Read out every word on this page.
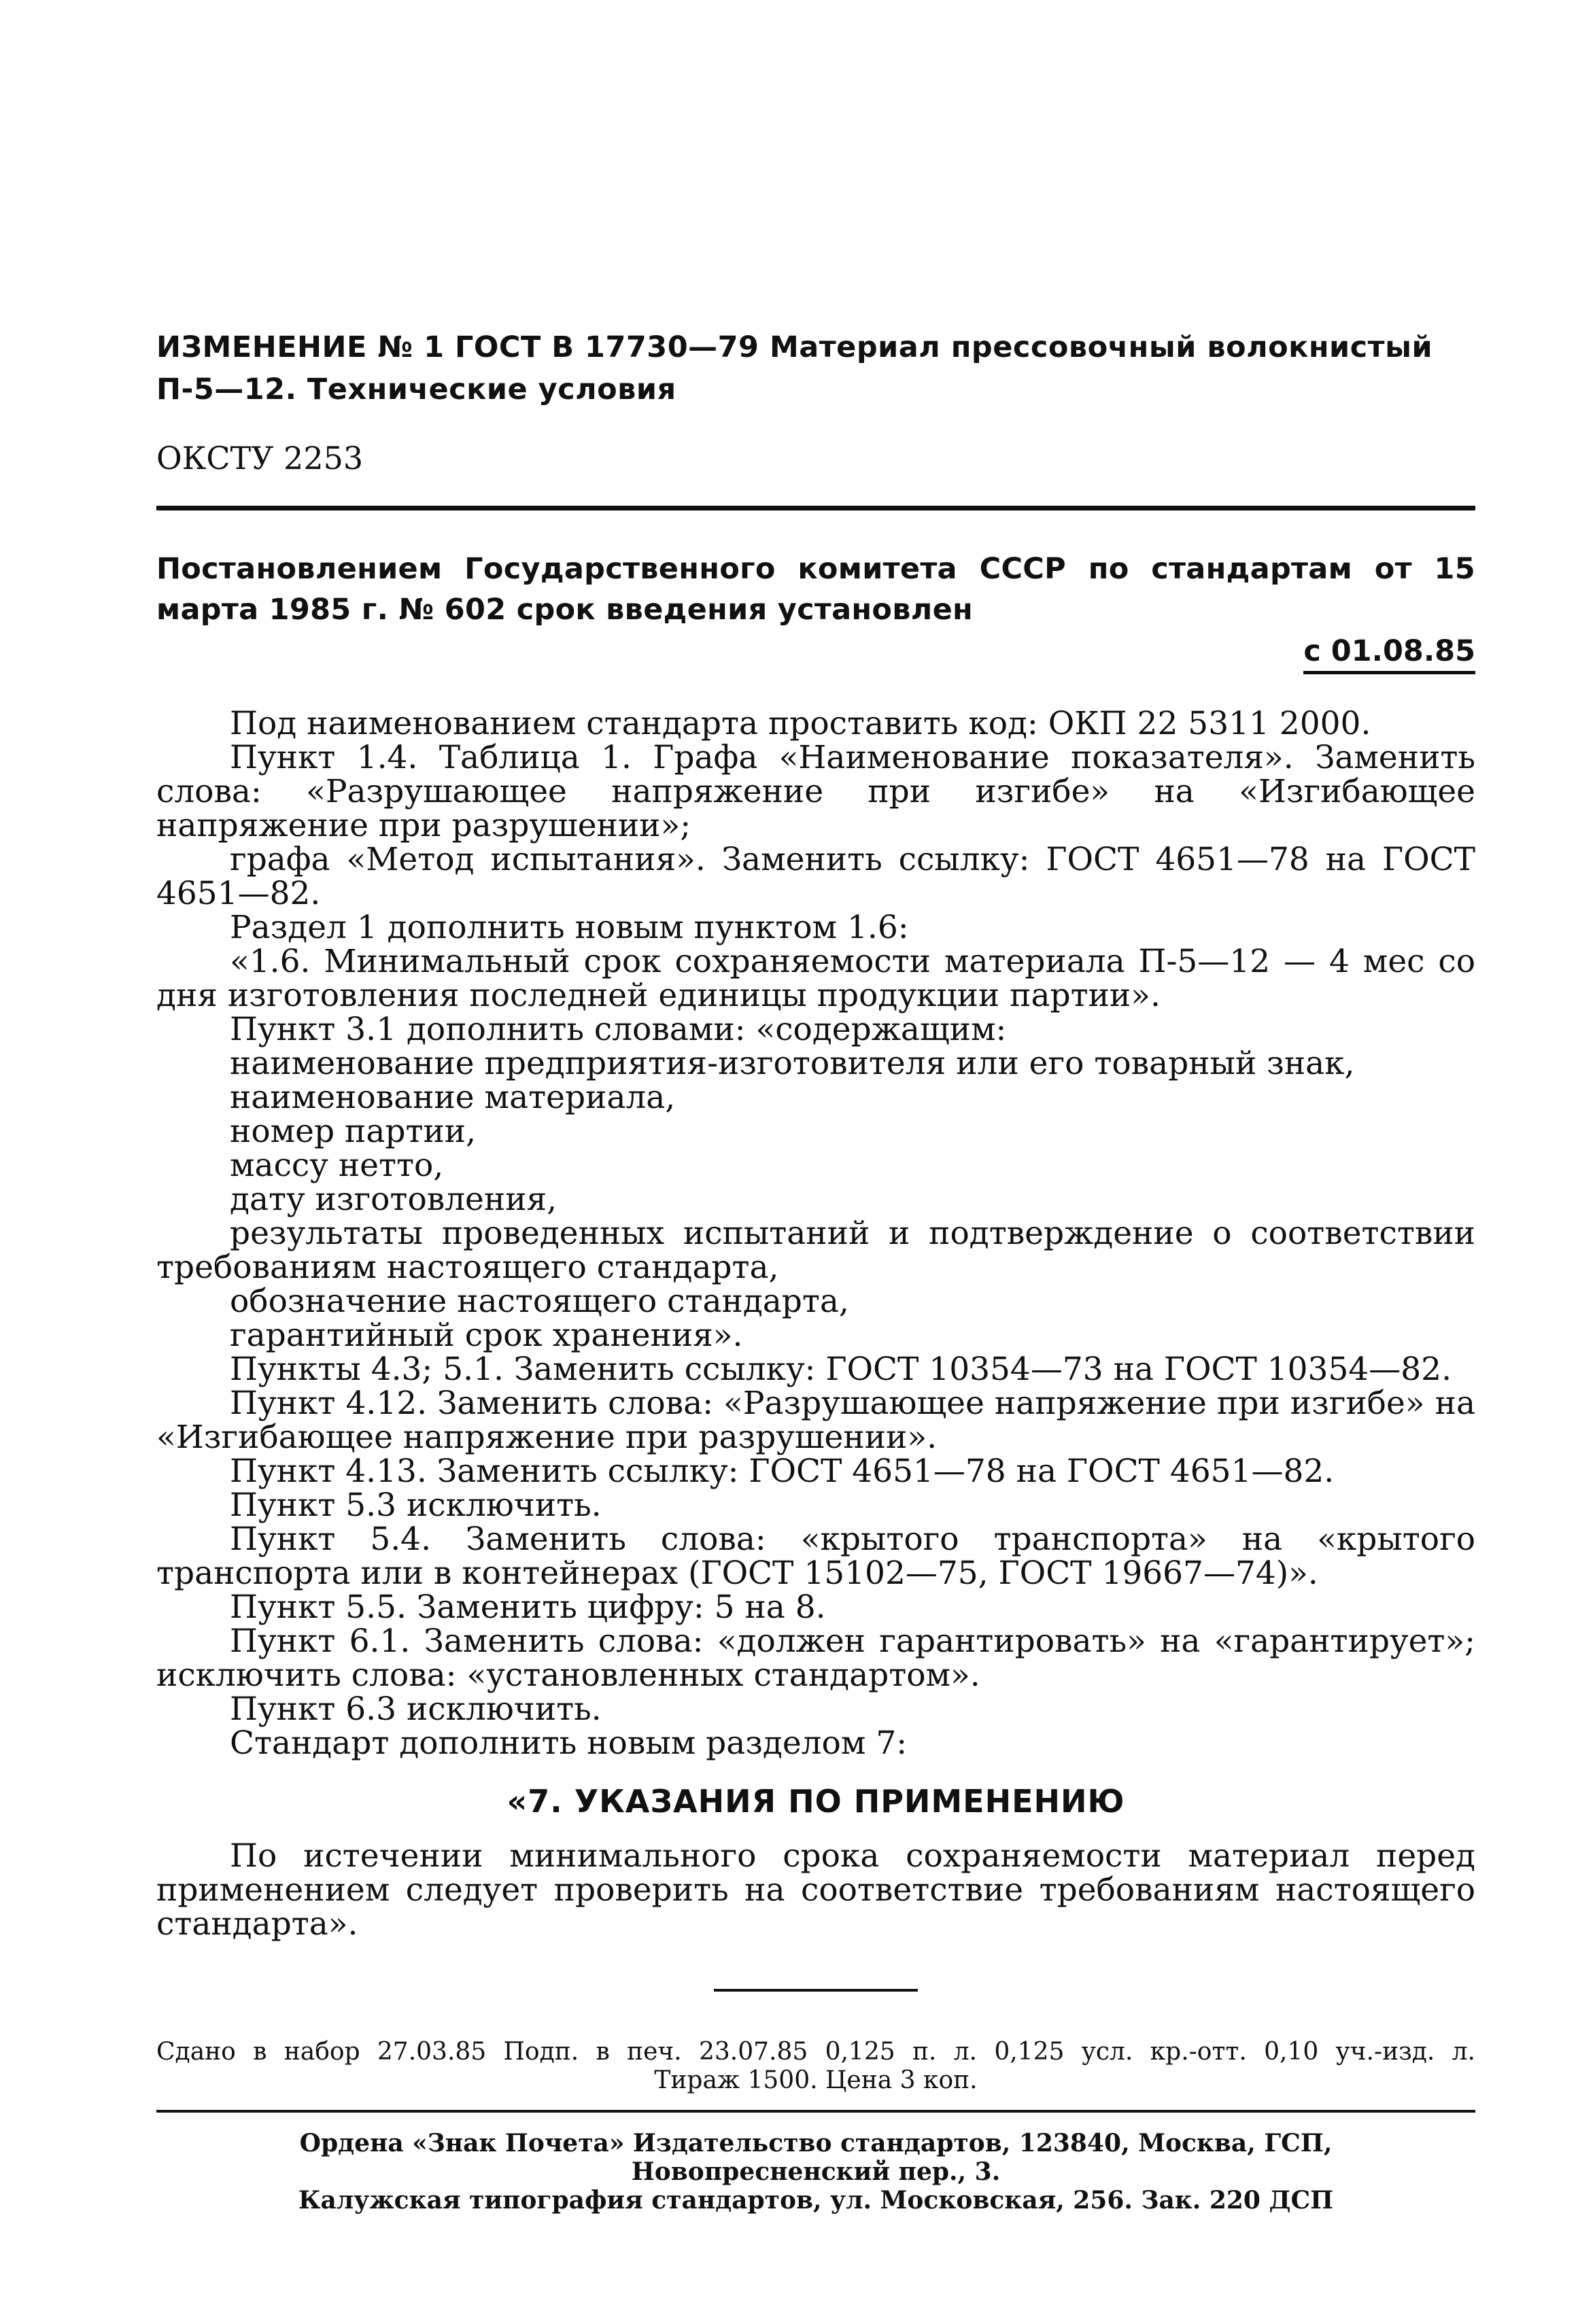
ИЗМЕНЕНИЕ № 1 ГОСТ В 17730—79 Материал прессовочный волокнистый
П-5—12. Технические условия
ОКСТУ 2253
Постановлением Государственного комитета СССР по стандартам от 15 марта 1985 г. № 602 срок введения установлен
с 01.08.85

Под наименованием стандарта проставить код: ОКП 22 5311 2000.

Пункт 1.4. Таблица 1. Графа «Наименование показателя». Заменить слова: «Разрушающее напряжение при изгибе» на «Изгибающее напряжение при разрушении»;

графа «Метод испытания». Заменить ссылку: ГОСТ 4651—78 на ГОСТ 4651—82.

Раздел 1 дополнить новым пунктом 1.6:

«1.6. Минимальный срок сохраняемости материала П-5—12 — 4 мес со дня изготовления последней единицы продукции партии».

Пункт 3.1 дополнить словами: «содержащим:

наименование предприятия-изготовителя или его товарный знак,

наименование материала,

номер партии,

массу нетто,

дату изготовления,

результаты проведенных испытаний и подтверждение о соответствии требованиям настоящего стандарта,

обозначение настоящего стандарта,

гарантийный срок хранения».

Пункты 4.3; 5.1. Заменить ссылку: ГОСТ 10354—73 на ГОСТ 10354—82.

Пункт 4.12. Заменить слова: «Разрушающее напряжение при изгибе» на «Изгибающее напряжение при разрушении».

Пункт 4.13. Заменить ссылку: ГОСТ 4651—78 на ГОСТ 4651—82.

Пункт 5.3 исключить.

Пункт 5.4. Заменить слова: «крытого транспорта» на «крытого транспорта или в контейнерах (ГОСТ 15102—75, ГОСТ 19667—74)».

Пункт 5.5. Заменить цифру: 5 на 8.

Пункт 6.1. Заменить слова: «должен гарантировать» на «гарантирует»; исключить слова: «установленных стандартом».

Пункт 6.3 исключить.

Стандарт дополнить новым разделом 7:

«7. УКАЗАНИЯ ПО ПРИМЕНЕНИЮ

По истечении минимального срока сохраняемости материал перед применением следует проверить на соответствие требованиям настоящего стандарта».

Сдано в набор 27.03.85 Подп. в печ. 23.07.85 0,125 п. л. 0,125 усл. кр.-отт. 0,10 уч.-изд. л.
Тираж 1500. Цена 3 коп.
Ордена «Знак Почета» Издательство стандартов, 123840, Москва, ГСП,
Новопресненский пер., 3.
Калужская типография стандартов, ул. Московская, 256. Зак. 220 ДСП
